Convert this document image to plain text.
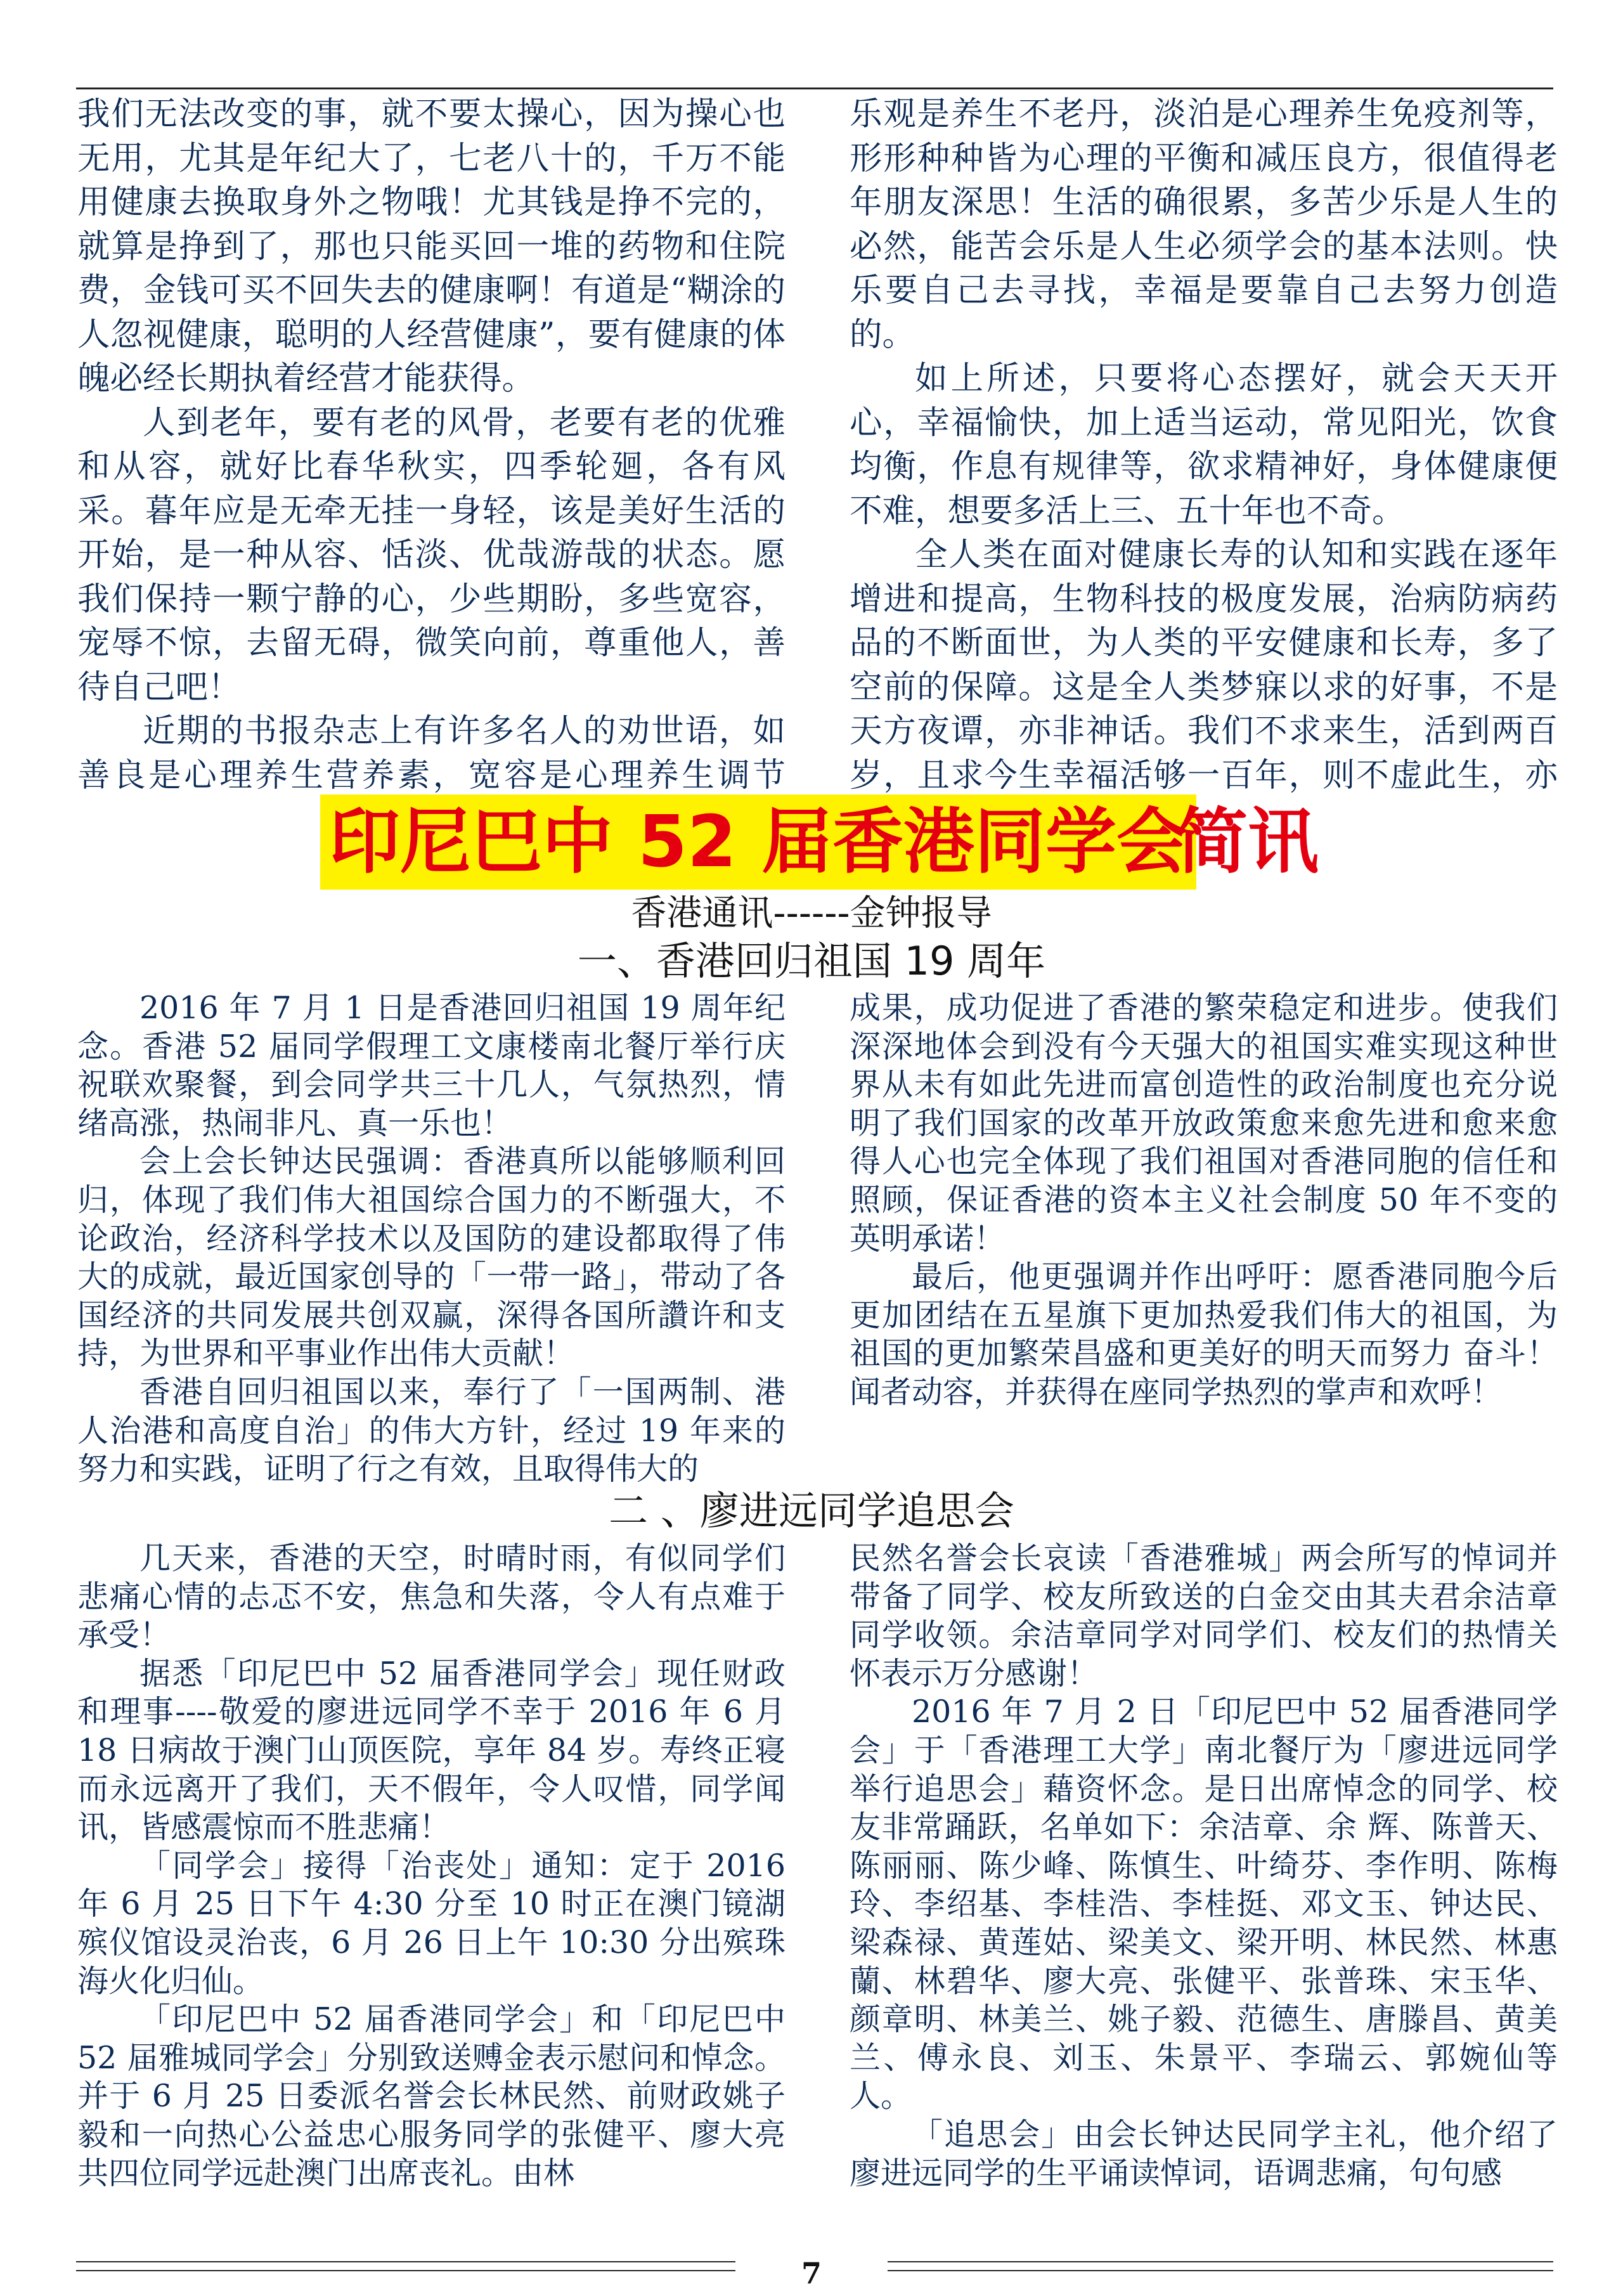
我们无法改变的事，就不要太操心，因为操心也无用，尤其是年纪大了，七老八十的，千万不能用健康去换取身外之物哦！尤其钱是挣不完的，就算是挣到了，那也只能买回一堆的药物和住院费，金钱可买不回失去的健康啊！有道是“糊涂的人忽视健康，聪明的人经营健康”，要有健康的体魄必经长期执着经营才能获得。

人到老年，要有老的风骨，老要有老的优雅和从容，就好比春华秋实，四季轮廻，各有风采。暮年应是无牵无挂一身轻，该是美好生活的开始，是一种从容、恬淡、优哉游哉的状态。愿我们保持一颗宁静的心，少些期盼，多些宽容，宠辱不惊，去留无碍，微笑向前，尊重他人，善待自己吧！

近期的书报杂志上有许多名人的劝世语，如善良是心理养生营养素，宽容是心理养生调节

乐观是养生不老丹，淡泊是心理养生免疫剂等，形形种种皆为心理的平衡和减压良方，很值得老年朋友深思！生活的确很累，多苦少乐是人生的必然，能苦会乐是人生必须学会的基本法则。快乐要自己去寻找，幸福是要靠自己去努力创造的。

如上所述，只要将心态摆好，就会天天开心，幸福愉快，加上适当运动，常见阳光，饮食均衡，作息有规律等，欲求精神好，身体健康便不难，想要多活上三、五十年也不奇。

全人类在面对健康长寿的认知和实践在逐年增进和提高，生物科技的极度发展，治病防病药品的不断面世，为人类的平安健康和长寿，多了空前的保障。这是全人类梦寐以求的好事，不是天方夜谭，亦非神话。我们不求来生，活到两百岁，且求今生幸福活够一百年，则不虚此生，亦

印尼巴中 52 届香港同学会
简讯
香港通讯------金钟报导
一、香港回归祖国 19 周年

2016 年 7 月 1 日是香港回归祖国 19 周年纪念。香港 52 届同学假理工文康楼南北餐厅举行庆祝联欢聚餐，到会同学共三十几人，气氛热烈，情绪高涨，热闹非凡、真一乐也！

会上会长钟达民强调：香港真所以能够顺利回归，体现了我们伟大祖国综合国力的不断强大，不论政治，经济科学技术以及国防的建设都取得了伟大的成就，最近国家创导的「一带一路」，带动了各国经济的共同发展共创双赢，深得各国所讚许和支持，为世界和平事业作出伟大贡献！

香港自回归祖国以来，奉行了「一国两制、港人治港和高度自治」的伟大方针，经过 19 年来的努力和实践，证明了行之有效，且取得伟大的

成果，成功促进了香港的繁荣稳定和进步。使我们深深地体会到没有今天强大的祖国实难实现这种世界从未有如此先进而富创造性的政治制度也充分说明了我们国家的改革开放政策愈来愈先进和愈来愈得人心也完全体现了我们祖国对香港同胞的信任和照顾，保证香港的资本主义社会制度 50 年不变的英明承诺！

最后，他更强调并作出呼吁：愿香港同胞今后更加团结在五星旗下更加热爱我们伟大的祖国，为祖国的更加繁荣昌盛和更美好的明天而努力 奋斗！闻者动容，并获得在座同学热烈的掌声和欢呼！

二 、廖进远同学追思会

几天来，香港的天空，时晴时雨，有似同学们悲痛心情的忐忑不安，焦急和失落，令人有点难于承受！

据悉「印尼巴中 52 届香港同学会」现任财政和理事----敬爱的廖进远同学不幸于 2016 年 6 月 18 日病故于澳门山顶医院，享年 84 岁。寿终正寝而永远离开了我们，天不假年，令人叹惜，同学闻讯，皆感震惊而不胜悲痛！

「同学会」接得「治丧处」通知：定于 2016 年 6 月 25 日下午 4:30 分至 10 时正在澳门镜湖殡仪馆设灵治丧，6 月 26 日上午 10:30 分出殡珠海火化归仙。

「印尼巴中 52 届香港同学会」和「印尼巴中 52 届雅城同学会」分别致送赙金表示慰问和悼念。并于 6 月 25 日委派名誉会长林民然、前财政姚子毅和一向热心公益忠心服务同学的张健平、廖大亮共四位同学远赴澳门出席丧礼。由林

民然名誉会长哀读「香港雅城」两会所写的悼词并带备了同学、校友所致送的白金交由其夫君余洁章同学收领。余洁章同学对同学们、校友们的热情关怀表示万分感谢！

2016 年 7 月 2 日「印尼巴中 52 届香港同学会」于「香港理工大学」南北餐厅为「廖进远同学举行追思会」藉资怀念。是日出席悼念的同学、校友非常踊跃，名单如下：余洁章、余 辉、陈普天、陈丽丽、陈少峰、陈慎生、叶绮芬、李作明、陈梅玲、李绍基、李桂浩、李桂挺、邓文玉、钟达民、梁森禄、黄莲姑、梁美文、梁开明、林民然、林惠蘭、林碧华、廖大亮、张健平、张普珠、宋玉华、颜章明、林美兰、姚子毅、范德生、唐滕昌、黄美兰、傅永良、刘玉、朱景平、李瑞云、郭婉仙等人。

「追思会」由会长钟达民同学主礼，他介绍了廖进远同学的生平诵读悼词，语调悲痛，句句感

7
